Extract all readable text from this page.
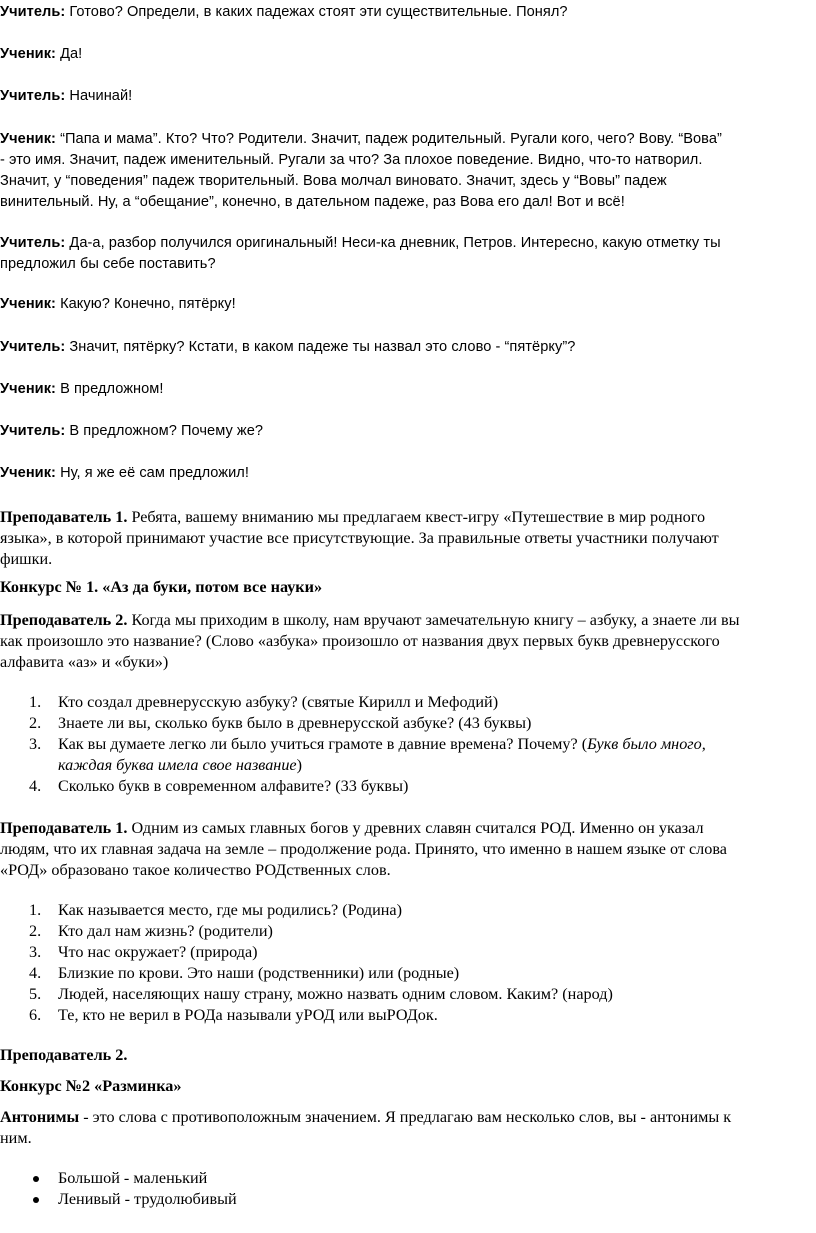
Учитель: Готово? Определи, в каких падежах стоят эти существительные. Понял?
Ученик: Да!
Учитель: Начинай!
Ученик: “Папа и мама”. Кто? Что? Родители. Значит, падеж родительный. Ругали кого, чего? Вову. “Вова”
- это имя. Значит, падеж именительный. Ругали за что? За плохое поведение. Видно, что-то натворил.
Значит, у “поведения” падеж творительный. Вова молчал виновато. Значит, здесь у “Вовы” падеж
винительный. Ну, а “обещание”, конечно, в дательном падеже, раз Вова его дал! Вот и всё!
Учитель: Да-а, разбор получился оригинальный! Неси-ка дневник, Петров. Интересно, какую отметку ты
предложил бы себе поставить?
Ученик: Какую? Конечно, пятёрку!
Учитель: Значит, пятёрку? Кстати, в каком падеже ты назвал это слово - “пятёрку”?
Ученик: В предложном!
Учитель: В предложном? Почему же?
Ученик: Ну, я же её сам предложил!
Преподаватель 1. Ребята, вашему вниманию мы предлагаем квест-игру «Путешествие в мир родного
языка», в которой принимают участие все присутствующие. За правильные ответы участники получают
фишки.
Конкурс № 1. «Аз да буки, потом все науки»
Преподаватель 2. Когда мы приходим в школу, нам вручают замечательную книгу – азбуку, а знаете ли вы
как произошло это название? (Слово «азбука» произошло от названия двух первых букв древнерусского
алфавита «аз» и «буки»)
1. Кто создал древнерусскую азбуку? (святые Кирилл и Мефодий)
2. Знаете ли вы, сколько букв было в древнерусской азбуке? (43 буквы)
3. Как вы думаете легко ли было учиться грамоте в давние времена? Почему? (Букв было много,
каждая буква имела свое название)
4. Сколько букв в современном алфавите? (33 буквы)
Преподаватель 1. Одним из самых главных богов у древних славян считался РОД. Именно он указал
людям, что их главная задача на земле – продолжение рода. Принято, что именно в нашем языке от слова
«РОД» образовано такое количество РОДственных слов.
1. Как называется место, где мы родились? (Родина)
2. Кто дал нам жизнь? (родители)
3. Что нас окружает? (природа)
4. Близкие по крови. Это наши (родственники) или (родные)
5. Людей, населяющих нашу страну, можно назвать одним словом. Каким? (народ)
6. Те, кто не верил в РОДа называли уРОД или выРОДок.
Преподаватель 2.
Конкурс №2 «Разминка»
Антонимы - это слова с противоположным значением. Я предлагаю вам несколько слов, вы - антонимы к
ним.
Большой - маленький
Ленивый - трудолюбивый
